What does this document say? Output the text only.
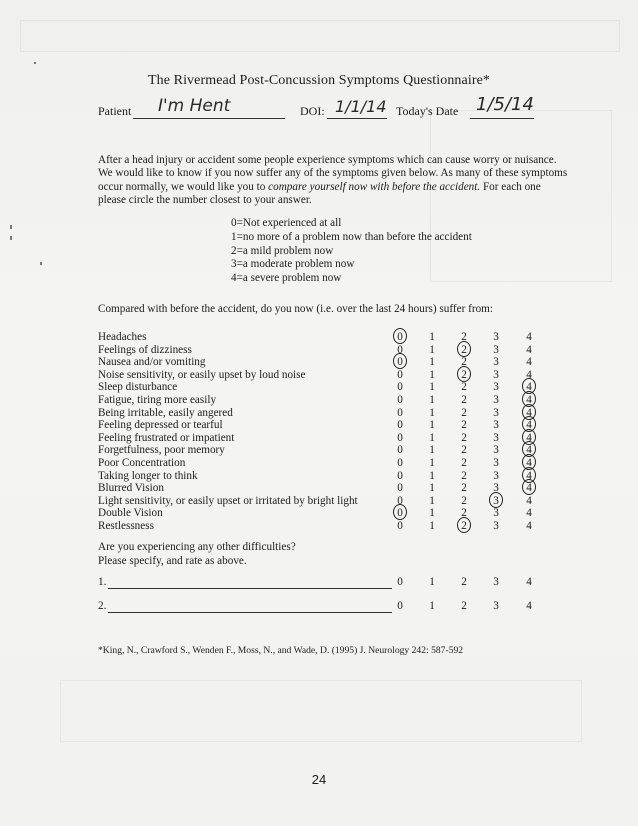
The Rivermead Post-Concussion Symptoms Questionnaire*
Patient I'm Hent	DOI: 1/1/14 Today's Date 1/5/14
After a head injury or accident some people experience symptoms which can cause worry or nuisance. We would like to know if you now suffer any of the symptoms given below. As many of these symptoms occur normally, we would like you to compare yourself now with before the accident. For each one please circle the number closest to your answer.
0=Not experienced at all
1=no more of a problem now than before the accident
2=a mild problem now
3=a moderate problem now
4=a severe problem now
Compared with before the accident, do you now (i.e. over the last 24 hours) suffer from:
Headaches	0 1 2 3 4
Feelings of dizziness	0 1 2 3 4
Nausea and/or vomiting	0 1 2 3 4
Noise sensitivity, or easily upset by loud noise	0 1 2 3 4
Sleep disturbance	0 1 2 3 4
Fatigue, tiring more easily	0 1 2 3 4
Being irritable, easily angered	0 1 2 3 4
Feeling depressed or tearful	0 1 2 3 4
Feeling frustrated or impatient	0 1 2 3 4
Forgetfulness, poor memory	0 1 2 3 4
Poor Concentration	0 1 2 3 4
Taking longer to think	0 1 2 3 4
Blurred Vision	0 1 2 3 4
Light sensitivity, or easily upset or irritated by bright light	0 1 2 3 4
Double Vision	0 1 2 3 4
Restlessness	0 1 2 3 4
Are you experiencing any other difficulties?
Please specify, and rate as above.
1.	0 1 2 3 4
2.	0 1 2 3 4
*King, N., Crawford S., Wenden F., Moss, N., and Wade, D. (1995) J. Neurology 242: 587-592
24
